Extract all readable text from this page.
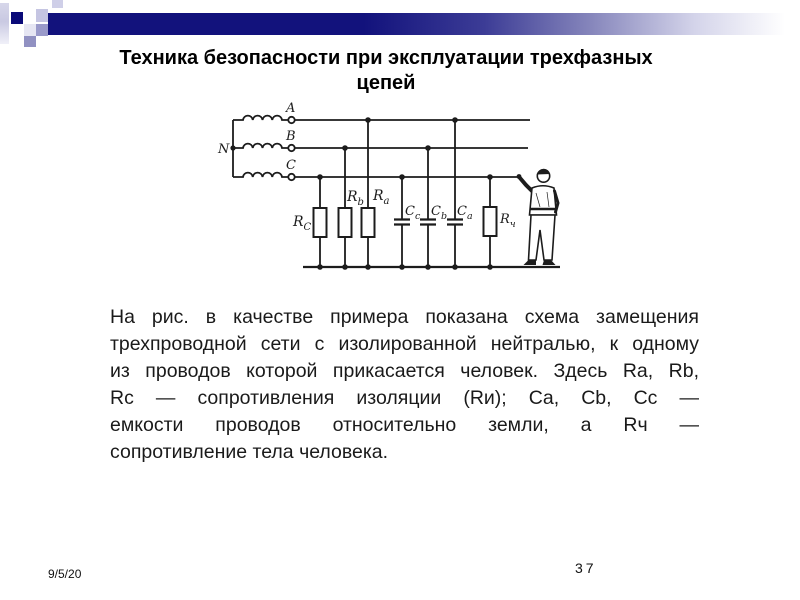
Техника безопасности при эксплуатации трехфазных
цепей
N
A
B
C
$R_C$
$R_b$ $R_a$
$C_c$ $C_b$ $C_a$ $R_ч$
На рис. в качестве примера показана схема замещения
трехпроводной сети с изолированной нейтралью, к одному
из проводов которой прикасается человек. Здесь Ra, Rb,
Rc — сопротивления изоляции (Rи); Ca, Cb, Cc —
емкости проводов относительно земли, а Rч —
сопротивление тела человека.
9/5/20	37
